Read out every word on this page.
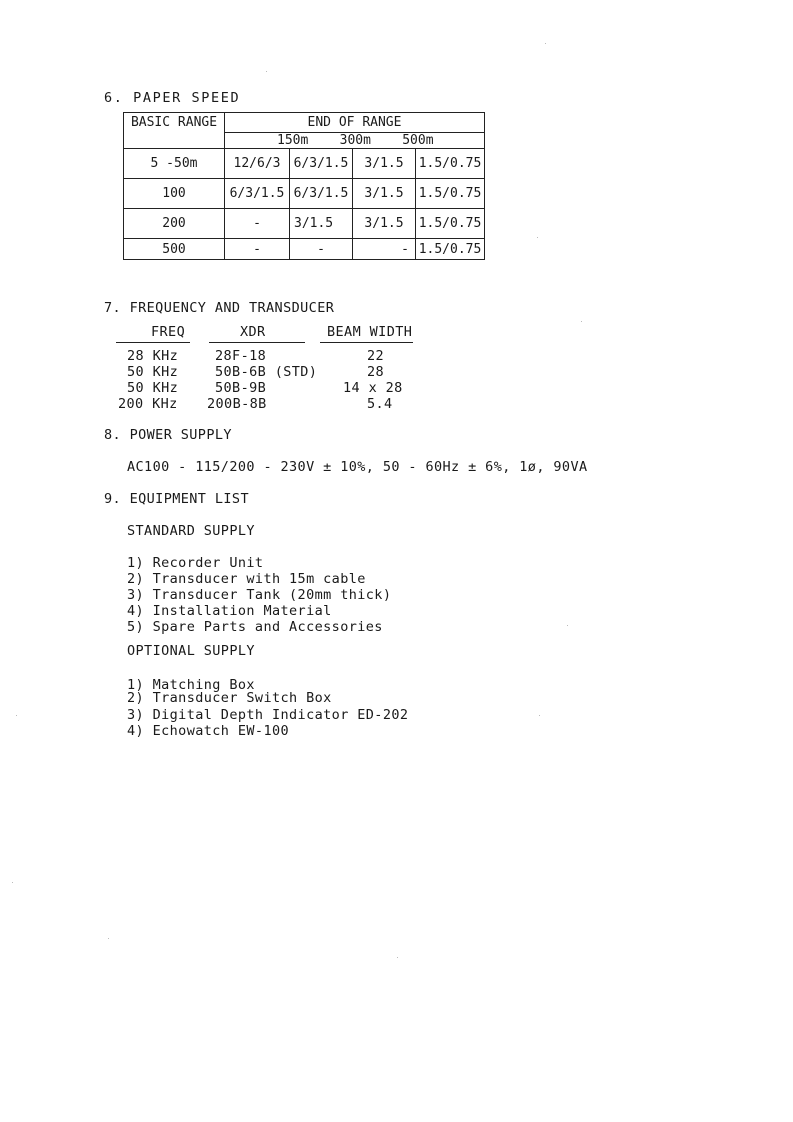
6. PAPER SPEED
BASIC RANGE	END OF RANGE			
	150m    300m    500m			
5 -50m	12/6/3	6/3/1.5	3/1.5	1.5/0.75
100	6/3/1.5	6/3/1.5	3/1.5	1.5/0.75
200	-	3/1.5	3/1.5	1.5/0.75
500	-	-	-	1.5/0.75
7. FREQUENCY AND TRANSDUCER
FREQ	XDR	BEAM WIDTH
28 KHz	28F-18	22
50 KHz	50B-6B (STD)	28
50 KHz	50B-9B	14 x 28
200 KHz 200B-8B	5.4
8. POWER SUPPLY
AC100 - 115/200 - 230V ± 10%, 50 - 60Hz ± 6%, 1ø, 90VA
9. EQUIPMENT LIST
STANDARD SUPPLY
1) Recorder Unit
2) Transducer with 15m cable
3) Transducer Tank (20mm thick)
4) Installation Material
5) Spare Parts and Accessories
OPTIONAL SUPPLY
1) Matching Box
2) Transducer Switch Box
3) Digital Depth Indicator ED-202
4) Echowatch EW-100
